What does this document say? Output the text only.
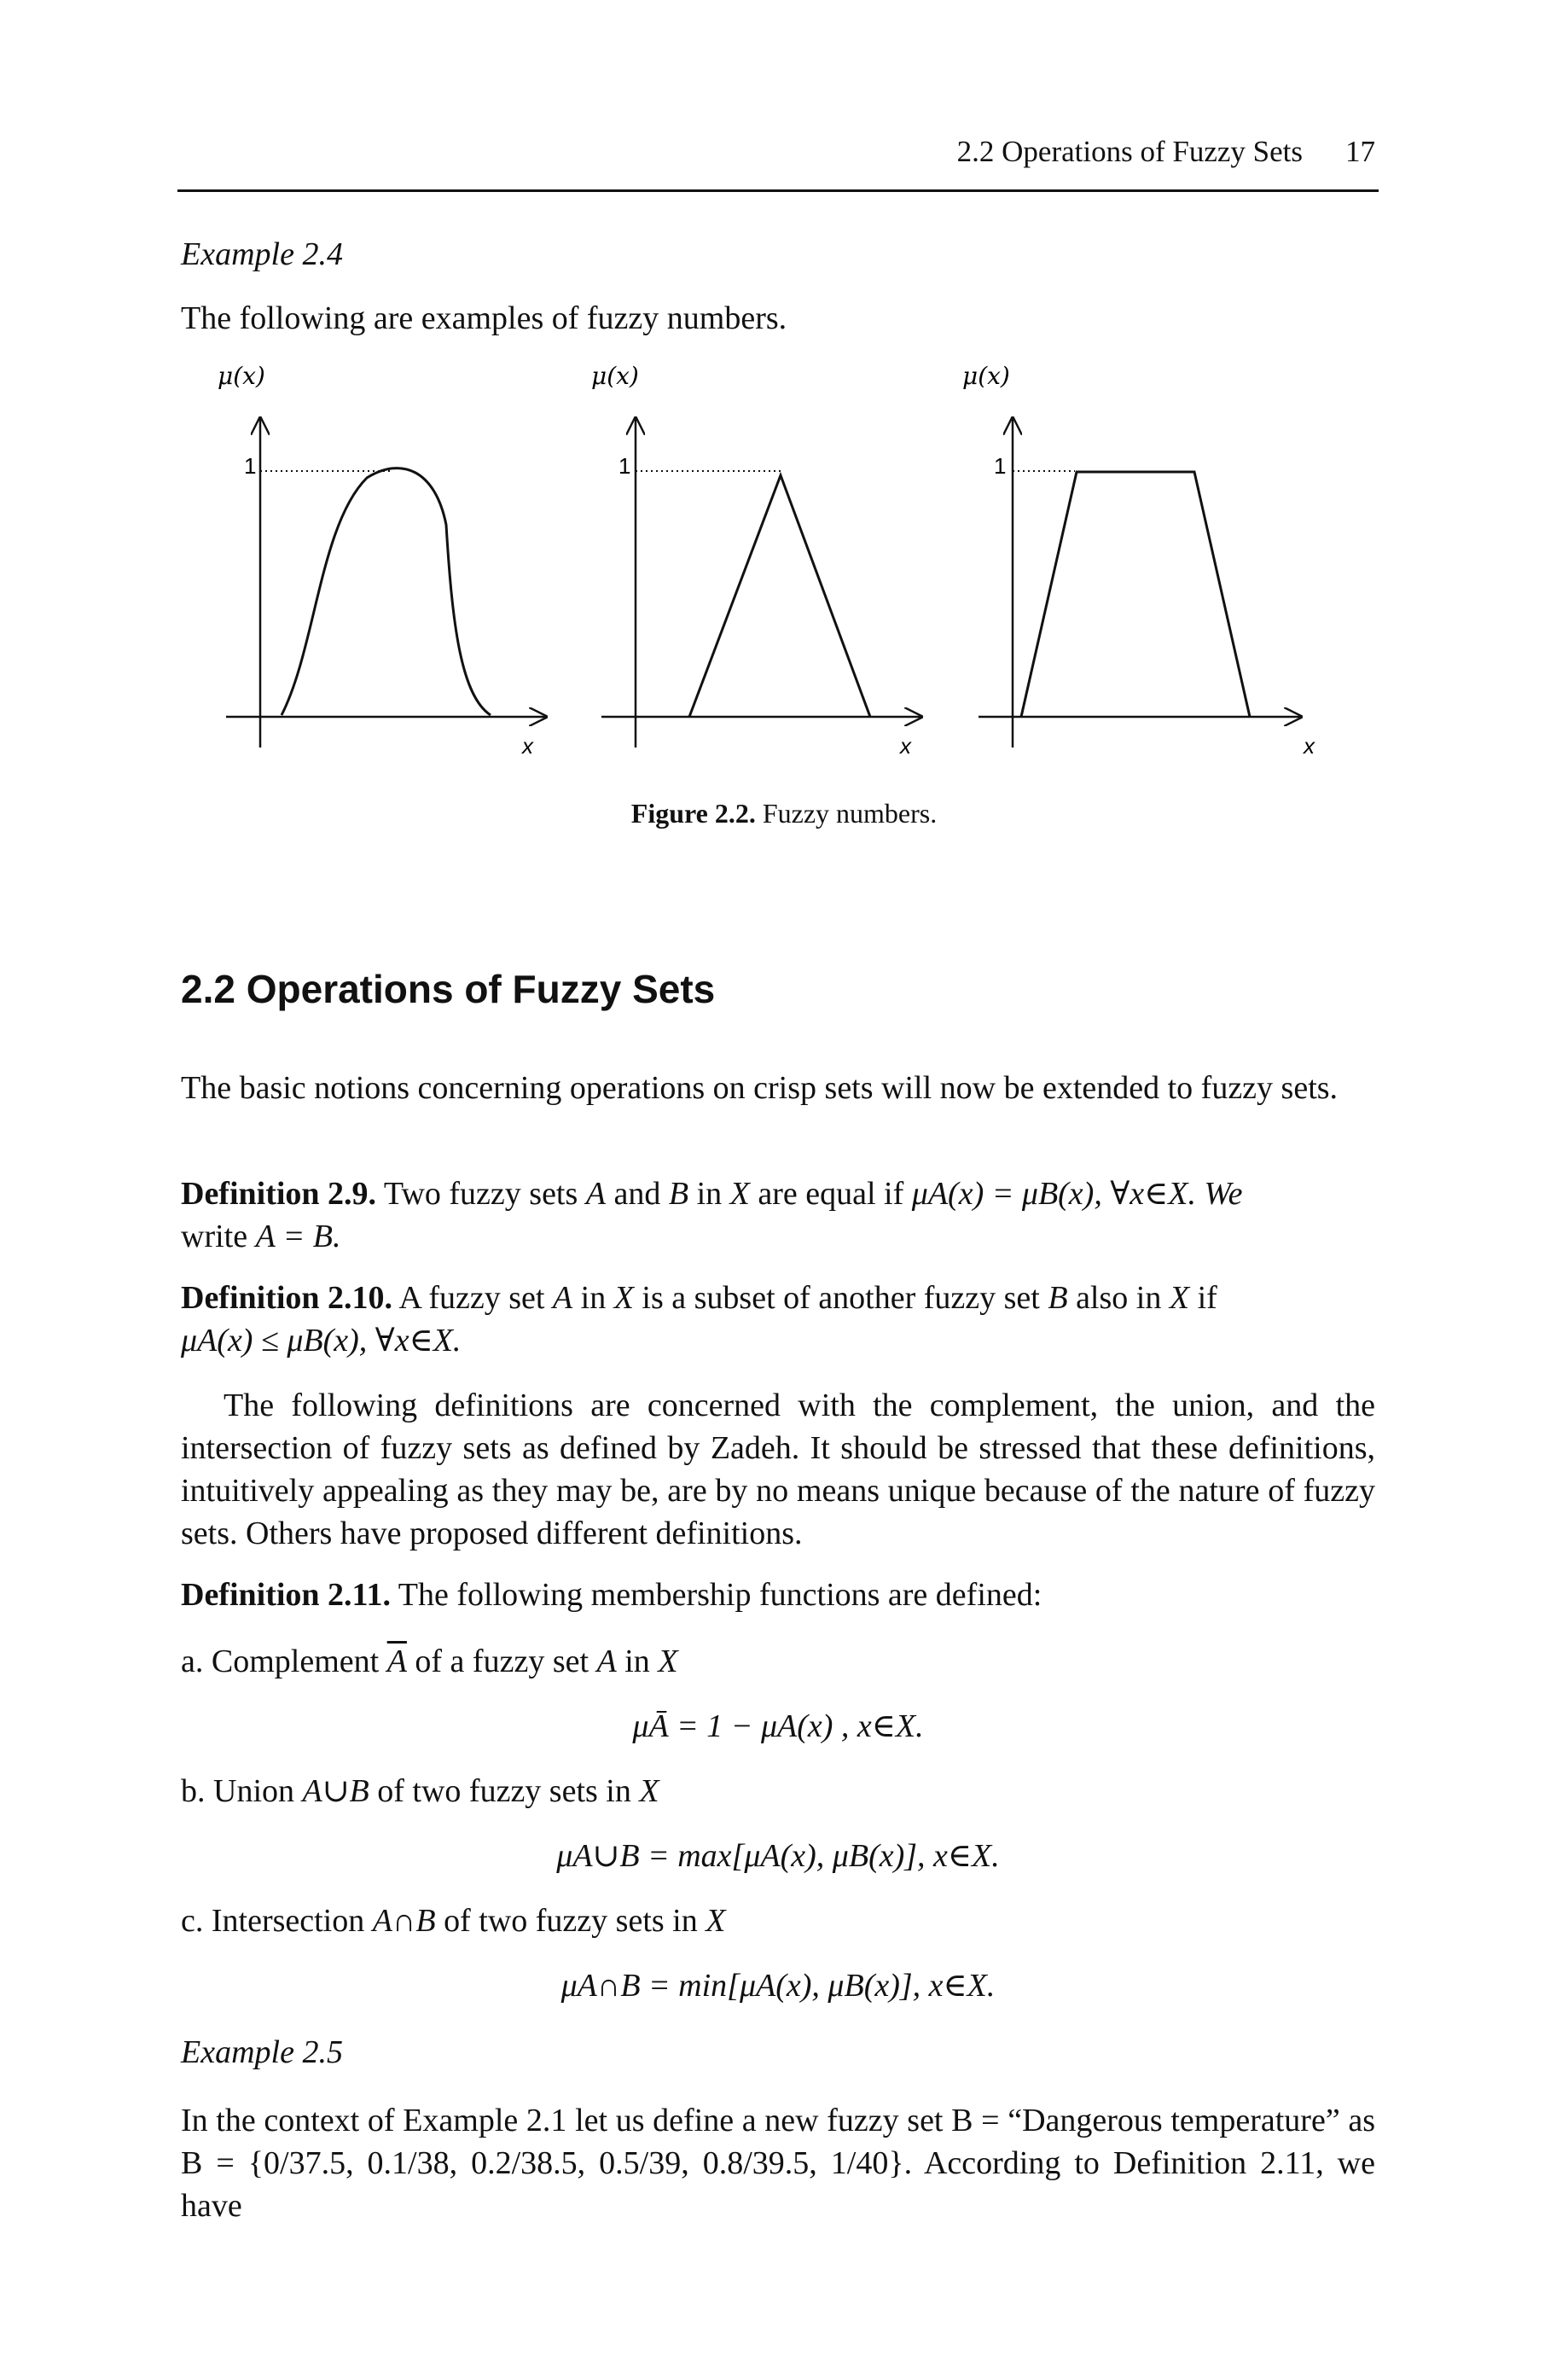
2.2 Operations of Fuzzy Sets 17
Example 2.4
The following are examples of fuzzy numbers.
μ(x)
1
x
μ(x)
1
x
μ(x)
1
x
Figure 2.2. Fuzzy numbers.
2.2 Operations of Fuzzy Sets
The basic notions concerning operations on crisp sets will now be extended to fuzzy sets.
Definition 2.9. Two fuzzy sets A and B in X are equal if μA(x) = μB(x), ∀x∈X. We
write A = B.
Definition 2.10. A fuzzy set A in X is a subset of another fuzzy set B also in X if
μA(x) ≤ μB(x), ∀x∈X.
The following definitions are concerned with the complement, the union, and the intersection of fuzzy sets as defined by Zadeh. It should be stressed that these definitions, intuitively appealing as they may be, are by no means unique because of the nature of fuzzy sets. Others have proposed different definitions.
Definition 2.11. The following membership functions are defined:
a. Complement $\overline{A}$ of a fuzzy set A in X
μĀ = 1 − μA(x) , x∈X.
b. Union A∪B of two fuzzy sets in X
μA∪B = max[μA(x), μB(x)], x∈X.
c. Intersection A∩B of two fuzzy sets in X
μA∩B = min[μA(x), μB(x)], x∈X.
Example 2.5
In the context of Example 2.1 let us define a new fuzzy set B = “Dangerous temperature” as B = {0/37.5, 0.1/38, 0.2/38.5, 0.5/39, 0.8/39.5, 1/40}. According to Definition 2.11, we have
